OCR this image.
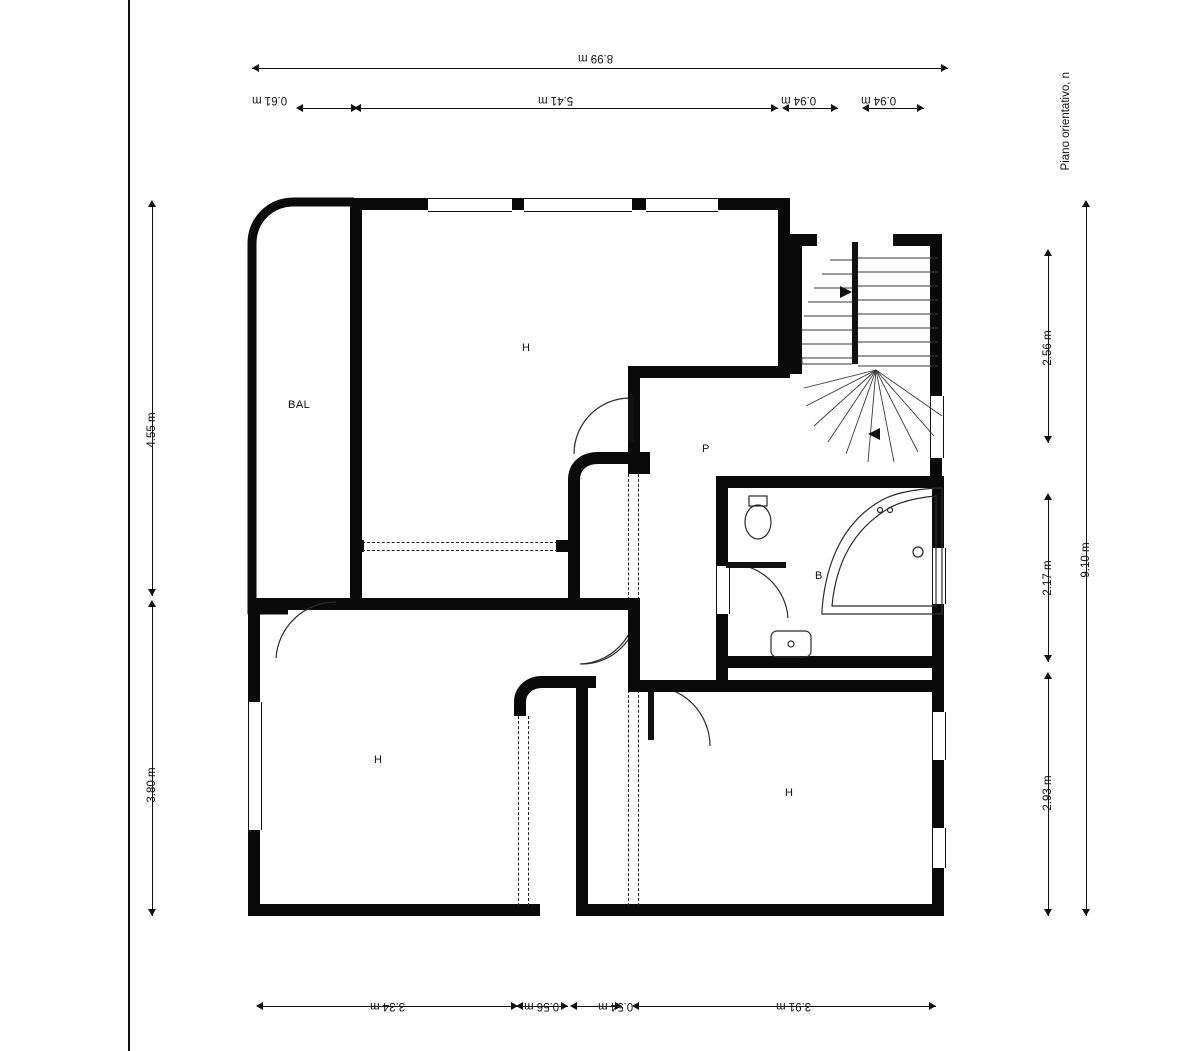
Piano orientativo, n
8.99 m
0.61 m	5.41 m	0.94 m	0.94 m
4.55 m
3.80 m
2.56 m
2.17 m
2.93 m
9.10 m
3.34 m	0.56 m	0.54 m	3.91 m
H
BAL
P
B
H
H
